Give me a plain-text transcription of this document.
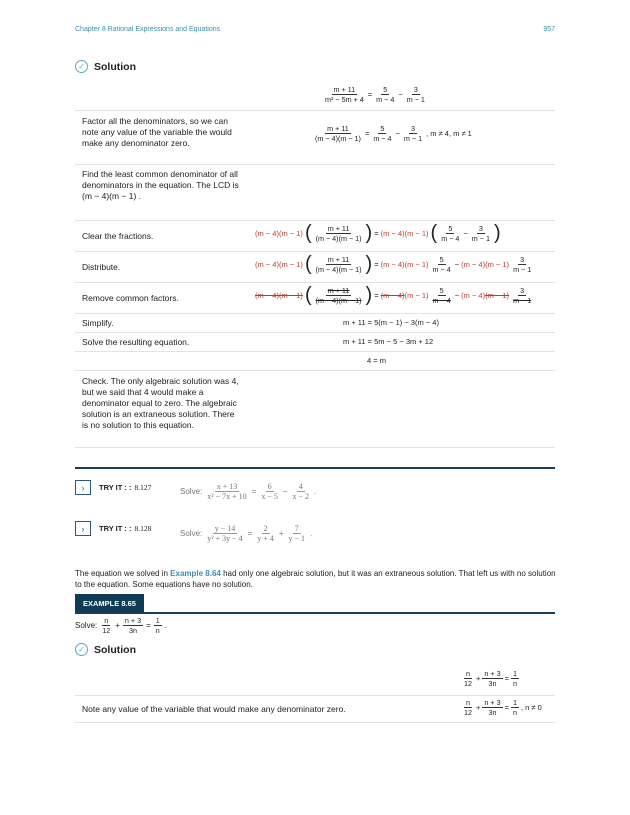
Chapter 8 Rational Expressions and Equations	957
✓ Solution
$\frac{m + 11}{\text{m² − 5m + 4}} = \frac{5}{m - 4} - \frac{3}{m - 1}$
Factor all the denominators, so we can note any value of the variable the would make any denominator zero.	$\frac{m + 11}{(m - 4)(m - 1)} = \frac{5}{m - 4} - \frac{3}{m - 1}$ , m ≠ 4, m ≠ 1
Find the least common denominator of all denominators in the equation. The LCD is (m − 4)(m − 1) .
Clear the fractions.	(m − 4)(m − 1) ( $\frac{m + 11}{(m - 4)(m - 1)}$ ) = (m − 4)(m − 1) ( $\frac{5}{m - 4} - \frac{3}{m - 1}$ )
Distribute.	(m − 4)(m − 1) ( $\frac{m + 11}{(m - 4)(m - 1)}$ ) = $(m - 4)(m - 1) \frac{5}{m - 4} - (m - 4)(m - 1) \frac{3}{m - 1}$
Remove common factors.	(m − 4)(m − 1) ( $\frac{m + 11}{(m - 4)(m - 1)}$ ) = $(m - 4)(m - 1) \frac{5}{m - 4} - (m - 4)(m - 1) \frac{3}{m - 1}$
Simplify.	m + 11 = 5(m − 1) − 3(m − 4)
Solve the resulting equation.	m + 11 = 5m − 5 − 3m + 12
4 = m
Check. The only algebraic solution was 4, but we said that 4 would make a denominator equal to zero. The algebraic solution is an extraneous solution. There is no solution to this equation.
›	TRY IT : : 8.127	Solve: $\frac{x + 13}{\text{x² − 7x + 10}} = \frac{6}{x - 5} - \frac{4}{x - 2}$ .
›	TRY IT : : 8.128
Solve: $\frac{y - 14}{\text{y² + 3y − 4}} = \frac{2}{y + 4} + \frac{7}{y - 1}$ .
The equation we solved in Example 8.64 had only one algebraic solution, but it was an extraneous solution. That left us with no solution to the equation. Some equations have no solution.
EXAMPLE 8.65
Solve: $\frac{n}{12} + \frac{n + 3}{3n} = \frac{1}{n}$ .
✓ Solution
$\frac{n}{12} + \frac{n + 3}{3n} = \frac{1}{n}$
Note any value of the variable that would make any denominator zero.	$\frac{n}{12} + \frac{n + 3}{3n} = \frac{1}{n}$ , n ≠ 0
